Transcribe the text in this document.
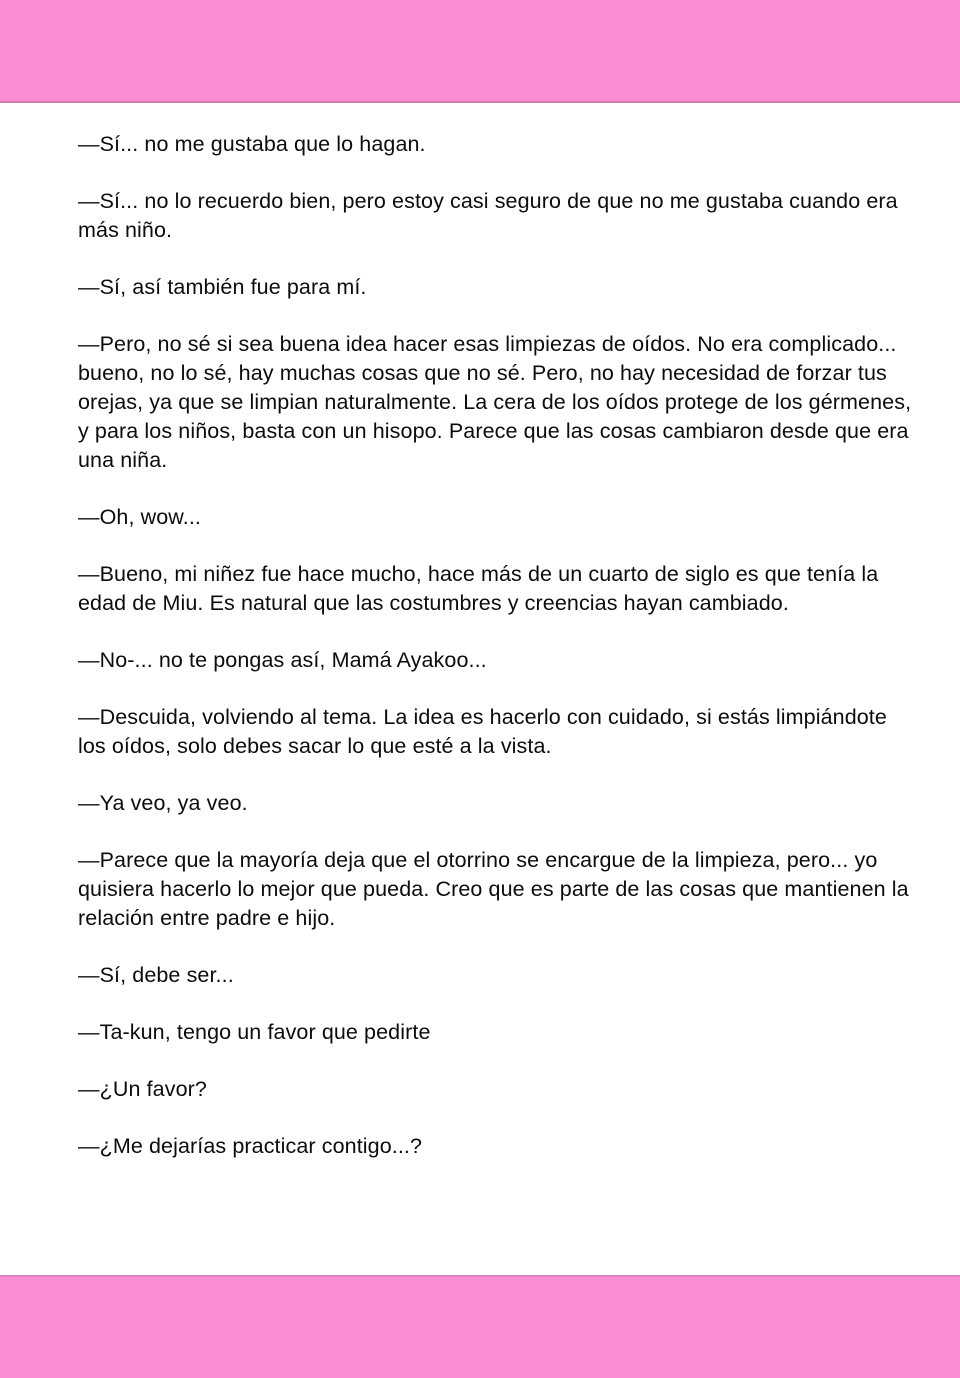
—Sí... no me gustaba que lo hagan.

—Sí... no lo recuerdo bien, pero estoy casi seguro de que no me gustaba cuando era más niño.

—Sí, así también fue para mí.

—Pero, no sé si sea buena idea hacer esas limpiezas de oídos. No era complicado... bueno, no lo sé, hay muchas cosas que no sé. Pero, no hay necesidad de forzar tus orejas, ya que se limpian naturalmente. La cera de los oídos protege de los gérmenes, y para los niños, basta con un hisopo. Parece que las cosas cambiaron desde que era una niña.

—Oh, wow...

—Bueno, mi niñez fue hace mucho, hace más de un cuarto de siglo es que tenía la edad de Miu. Es natural que las costumbres y creencias hayan cambiado.

—No-... no te pongas así, Mamá Ayakoo...

—Descuida, volviendo al tema. La idea es hacerlo con cuidado, si estás limpiándote los oídos, solo debes sacar lo que esté a la vista.

—Ya veo, ya veo.

—Parece que la mayoría deja que el otorrino se encargue de la limpieza, pero... yo quisiera hacerlo lo mejor que pueda. Creo que es parte de las cosas que mantienen la relación entre padre e hijo.

—Sí, debe ser...

—Ta-kun, tengo un favor que pedirte

—¿Un favor?

—¿Me dejarías practicar contigo...?
